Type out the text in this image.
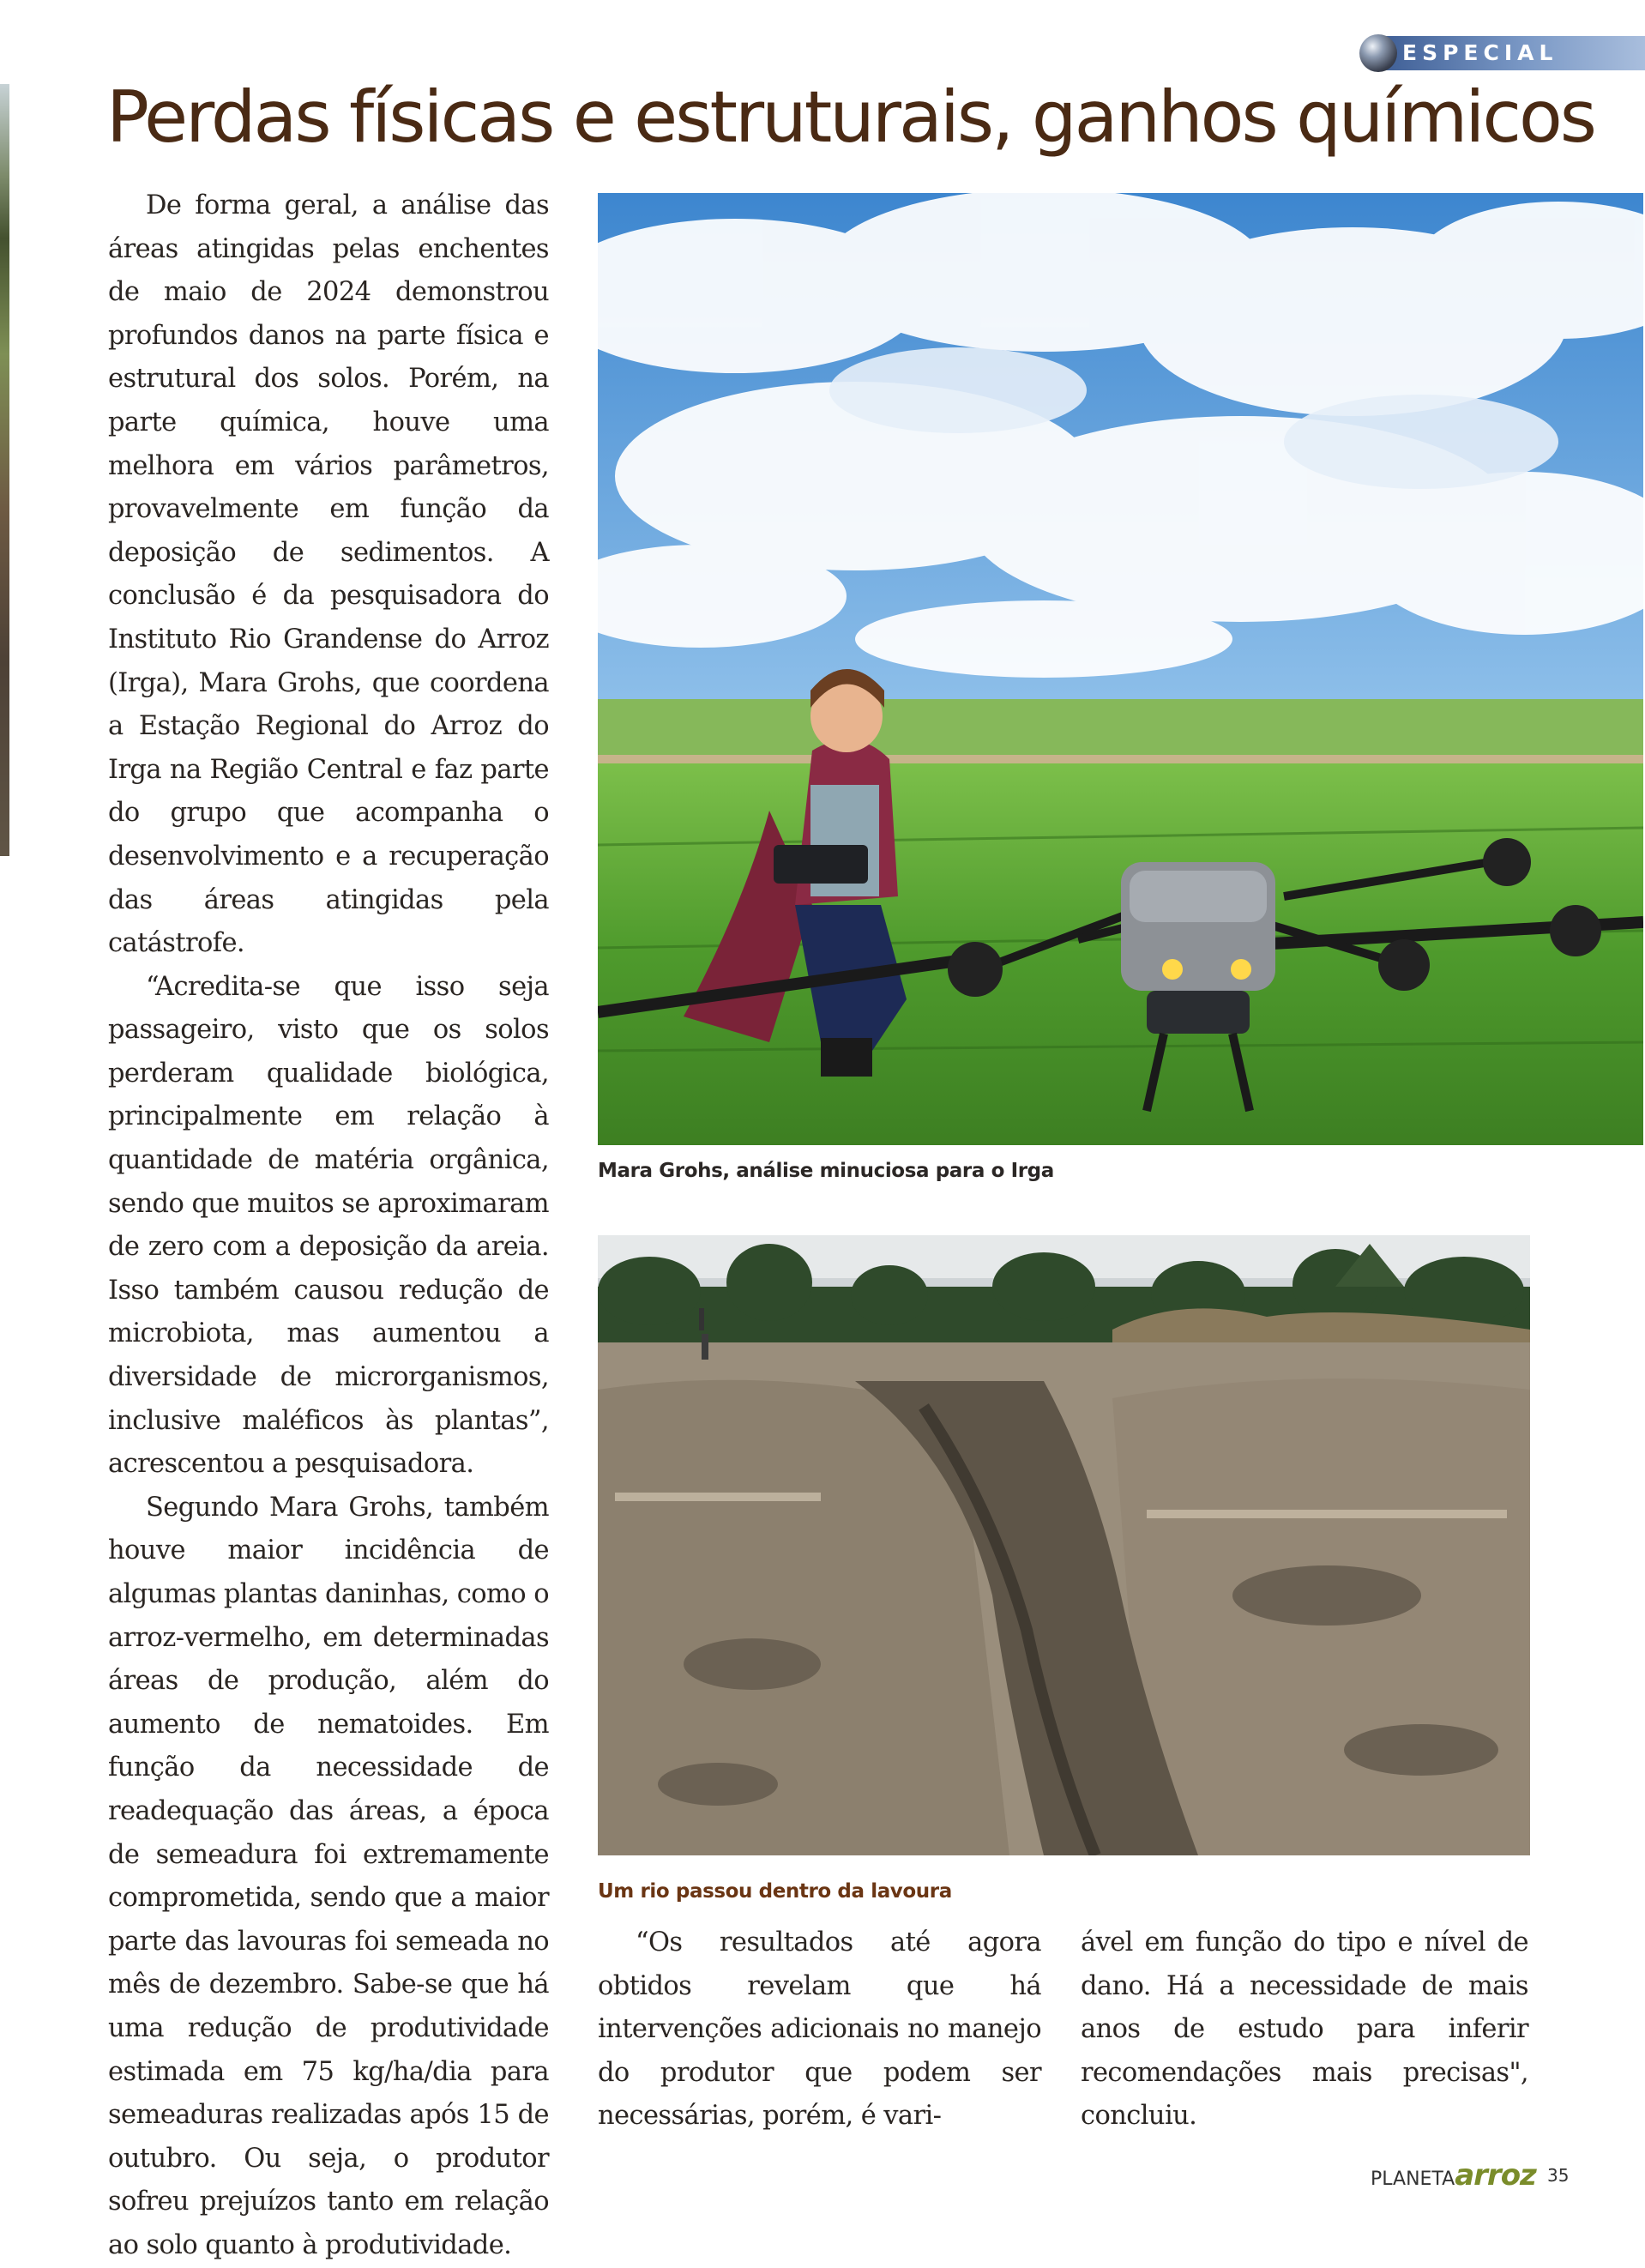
ESPECIAL
Perdas físicas e estruturais, ganhos químicos

De forma geral, a análise das áreas atingidas pelas enchentes de maio de 2024 demonstrou profundos danos na parte física e estrutural dos solos. Porém, na parte química, houve uma melhora em vários parâmetros, provavelmente em função da deposição de sedimentos. A conclusão é da pesquisadora do Instituto Rio Grandense do Arroz (Irga), Mara Grohs, que coordena a Estação Regional do Arroz do Irga na Região Central e faz parte do grupo que acompanha o desenvolvimento e a recuperação das áreas atingidas pela catástrofe.

“Acredita-se que isso seja passageiro, visto que os solos perderam qualidade biológica, principalmente em relação à quantidade de matéria orgânica, sendo que muitos se aproximaram de zero com a deposição da areia. Isso também causou redução de microbiota, mas aumentou a diversidade de microrganismos, inclusive maléficos às plantas”, acrescentou a pesquisadora.

Segundo Mara Grohs, também houve maior incidência de algumas plantas daninhas, como o arroz-vermelho, em determinadas áreas de produção, além do aumento de nematoides. Em função da necessidade de readequação das áreas, a época de semeadura foi extremamente comprometida, sendo que a maior parte das lavouras foi semeada no mês de dezembro. Sabe-se que há uma redução de produtividade estimada em 75 kg/ha/dia para semeaduras realizadas após 15 de outubro. Ou seja, o produtor sofreu prejuízos tanto em relação ao solo quanto à produtividade.

Mara Grohs, análise minuciosa para o Irga
Um rio passou dentro da lavoura

“Os resultados até agora obtidos revelam que há intervenções adicionais no manejo do produtor que podem ser necessárias, porém, é vari-

ável em função do tipo e nível de dano. Há a necessidade de mais anos de estudo para inferir recomendações mais precisas", concluiu.

PLANETAarroz 35
